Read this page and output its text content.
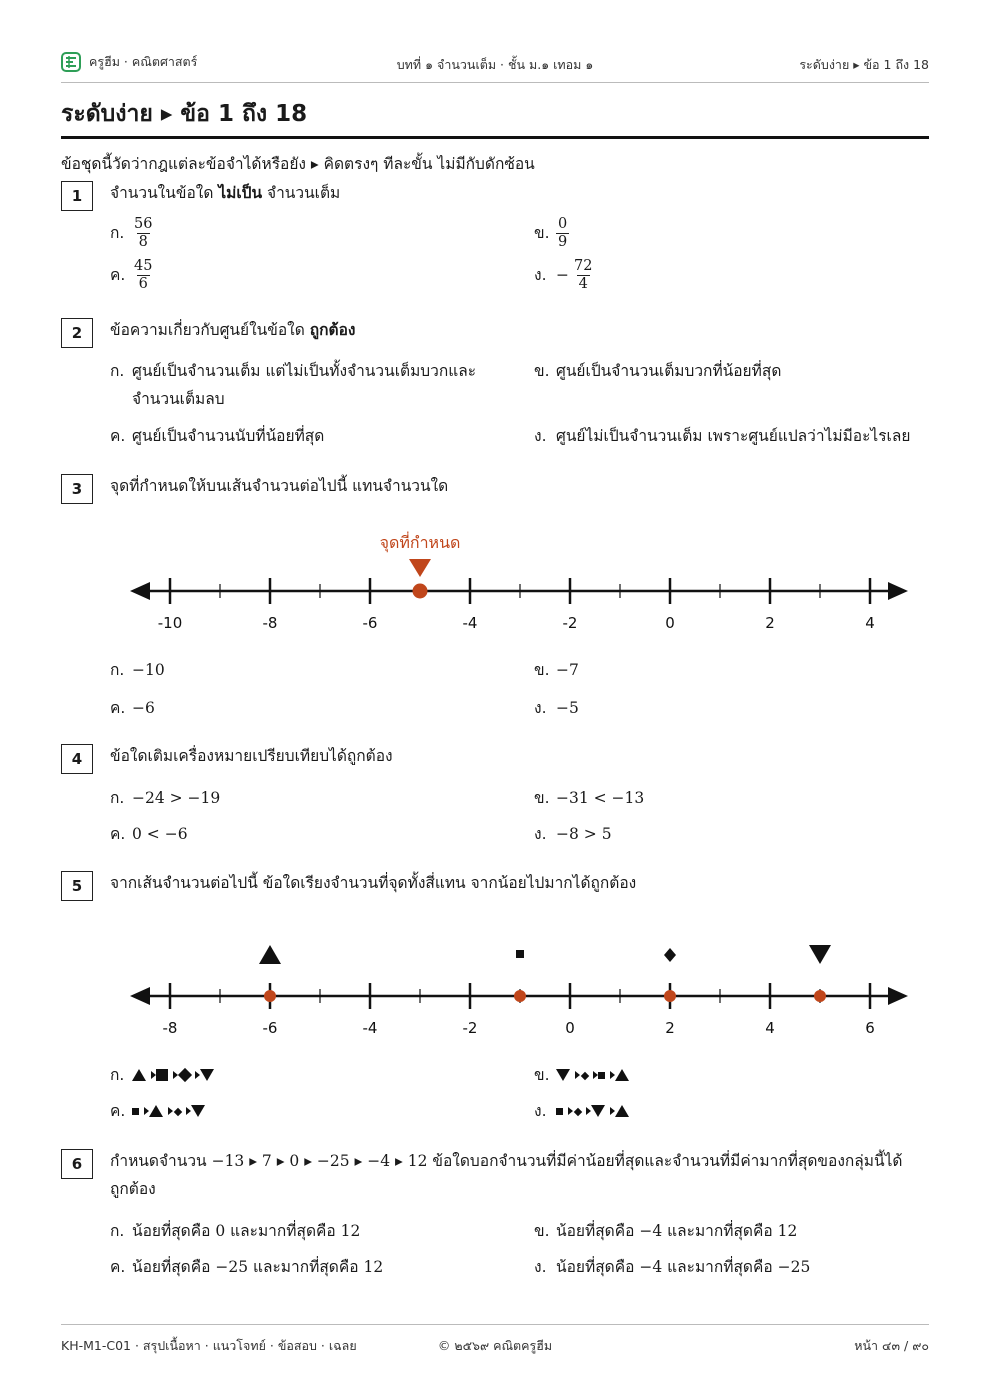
ครูฮีม · คณิตศาสตร์	บทที่ ๑ จำนวนเต็ม · ชั้น ม.๑ เทอม ๑	ระดับง่าย ▸ ข้อ 1 ถึง 18
ระดับง่าย ▸ ข้อ 1 ถึง 18
ข้อชุดนี้วัดว่ากฎแต่ละข้อจำได้หรือยัง ▸ คิดตรงๆ ทีละขั้น ไม่มีกับดักซ้อน
1	จำนวนในข้อใด ไม่เป็น จำนวนเต็ม
ก. $\frac{56}{8}$	ข. $\frac{0}{9}$
ค. $\frac{45}{6}$	ง. − $\frac{72}{4}$
2	ข้อความเกี่ยวกับศูนย์ในข้อใด ถูกต้อง
ก. ศูนย์เป็นจำนวนเต็ม แต่ไม่เป็นทั้งจำนวนเต็มบวกและ
จำนวนเต็มลบ
ข. ศูนย์เป็นจำนวนเต็มบวกที่น้อยที่สุด
ค. ศูนย์เป็นจำนวนนับที่น้อยที่สุด	ง. ศูนย์ไม่เป็นจำนวนเต็ม เพราะศูนย์แปลว่าไม่มีอะไรเลย
3	จุดที่กำหนดให้บนเส้นจำนวนต่อไปนี้ แทนจำนวนใด
จุดที่กำหนด
-10	-8	-6	-4	-2	0	2	4
ก. −10	ข. −7
ค. −6	ง. −5
4	ข้อใดเติมเครื่องหมายเปรียบเทียบได้ถูกต้อง
ก. −24 > −19	ข. −31 < −13
ค. 0 < −6	ง. −8 > 5
5	จากเส้นจำนวนต่อไปนี้ ข้อใดเรียงจำนวนที่จุดทั้งสี่แทน จากน้อยไปมากได้ถูกต้อง
-8	-6	-4	-2	0	2	4	6
ก.	ข.
ค.	ง.
6	กำหนดจำนวน −13 ▸ 7 ▸ 0 ▸ −25 ▸ −4 ▸ 12 ข้อใดบอกจำนวนที่มีค่าน้อยที่สุดและจำนวนที่มีค่ามากที่สุดของกลุ่มนี้ได้
ถูกต้อง
ก. น้อยที่สุดคือ 0 และมากที่สุดคือ 12	ข. น้อยที่สุดคือ −4 และมากที่สุดคือ 12
ค. น้อยที่สุดคือ −25 และมากที่สุดคือ 12	ง. น้อยที่สุดคือ −4 และมากที่สุดคือ −25
KH-M1-C01 · สรุปเนื้อหา · แนวโจทย์ · ข้อสอบ · เฉลย	© ๒๕๖๙ คณิตครูฮีม	หน้า ๔๓ / ๙๐
